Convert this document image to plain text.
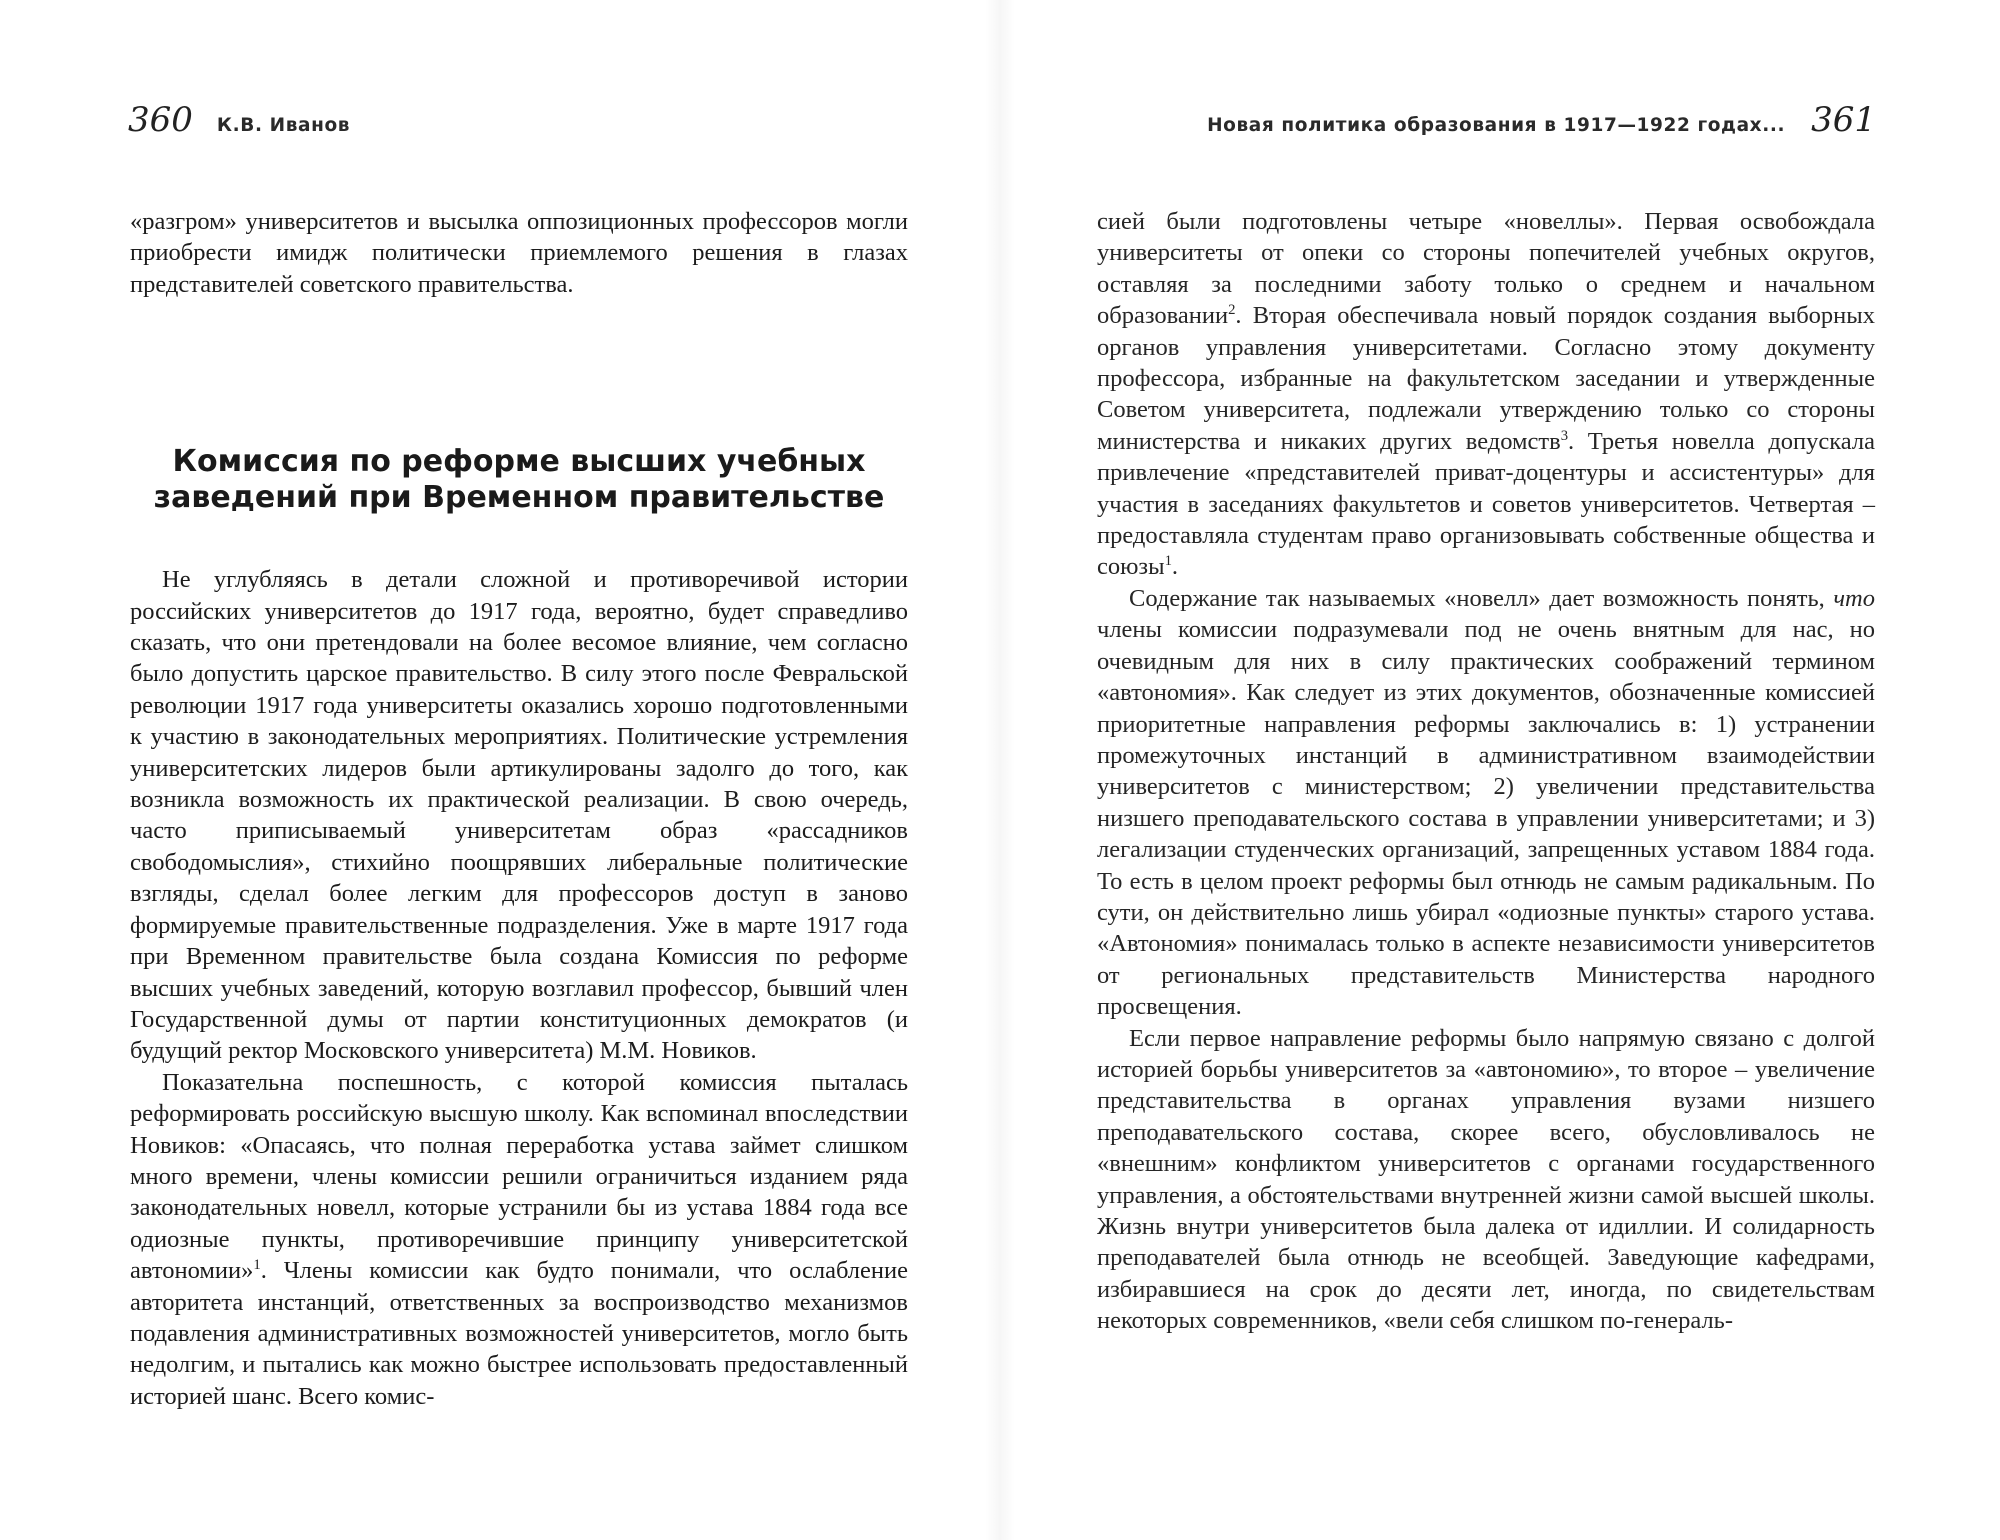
360 К.В. Иванов

«разгром» университетов и высылка оппозиционных профессоров могли приобрести имидж политически приемлемого решения в глазах представителей советского правительства.

Комиссия по реформе высших учебных заведений при Временном правительстве

Не углубляясь в детали сложной и противоречивой истории российских университетов до 1917 года, вероятно, будет справедливо сказать, что они претендовали на более весомое влияние, чем согласно было допустить царское правительство. В силу этого после Февральской революции 1917 года университеты оказались хорошо подготовленными к участию в законодательных мероприятиях. Политические устремления университетских лидеров были артикулированы задолго до того, как возникла возможность их практической реализации. В свою очередь, часто приписываемый университетам образ «рассадников свободомыслия», стихийно поощрявших либеральные политические взгляды, сделал более легким для профессоров доступ в заново формируемые правительственные подразделения. Уже в марте 1917 года при Временном правительстве была создана Комиссия по реформе высших учебных заведений, которую возглавил профессор, бывший член Государственной думы от партии конституционных демократов (и будущий ректор Московского университета) М.М. Новиков.

Показательна поспешность, с которой комиссия пыталась реформировать российскую высшую школу. Как вспоминал впоследствии Новиков: «Опасаясь, что полная переработка устава займет слишком много времени, члены комиссии решили ограничиться изданием ряда законодательных новелл, которые устранили бы из устава 1884 года все одиозные пункты, противоречившие принципу университетской автономии»$^1$. Члены комиссии как будто понимали, что ослабление авторитета инстанций, ответственных за воспроизводство механизмов подавления административных возможностей университетов, могло быть недолгим, и пытались как можно быстрее использовать предоставленный историей шанс. Всего комис-

Новая политика образования в 1917—1922 годах... 361

сией были подготовлены четыре «новеллы». Первая освобождала университеты от опеки со стороны попечителей учебных округов, оставляя за последними заботу только о среднем и начальном образовании$^2$. Вторая обеспечивала новый порядок создания выборных органов управления университетами. Согласно этому документу профессора, избранные на факультетском заседании и утвержденные Советом университета, подлежали утверждению только со стороны министерства и никаких других ведомств$^3$. Третья новелла допускала привлечение «представителей приват-доцентуры и ассистентуры» для участия в заседаниях факультетов и советов университетов. Четвертая – предоставляла студентам право организовывать собственные общества и союзы$^1$.

Содержание так называемых «новелл» дает возможность понять, что члены комиссии подразумевали под не очень внятным для нас, но очевидным для них в силу практических соображений термином «автономия». Как следует из этих документов, обозначенные комиссией приоритетные направления реформы заключались в: 1) устранении промежуточных инстанций в административном взаимодействии университетов с министерством; 2) увеличении представительства низшего преподавательского состава в управлении университетами; и 3) легализации студенческих организаций, запрещенных уставом 1884 года. То есть в целом проект реформы был отнюдь не самым радикальным. По сути, он действительно лишь убирал «одиозные пункты» старого устава. «Автономия» понималась только в аспекте независимости университетов от региональных представительств Министерства народного просвещения.

Если первое направление реформы было напрямую связано с долгой историей борьбы университетов за «автономию», то второе – увеличение представительства в органах управления вузами низшего преподавательского состава, скорее всего, обусловливалось не «внешним» конфликтом университетов с органами государственного управления, а обстоятельствами внутренней жизни самой высшей школы. Жизнь внутри университетов была далека от идиллии. И солидарность преподавателей была отнюдь не всеобщей. Заведующие кафедрами, избиравшиеся на срок до десяти лет, иногда, по свидетельствам некоторых современников, «вели себя слишком по-генераль-
